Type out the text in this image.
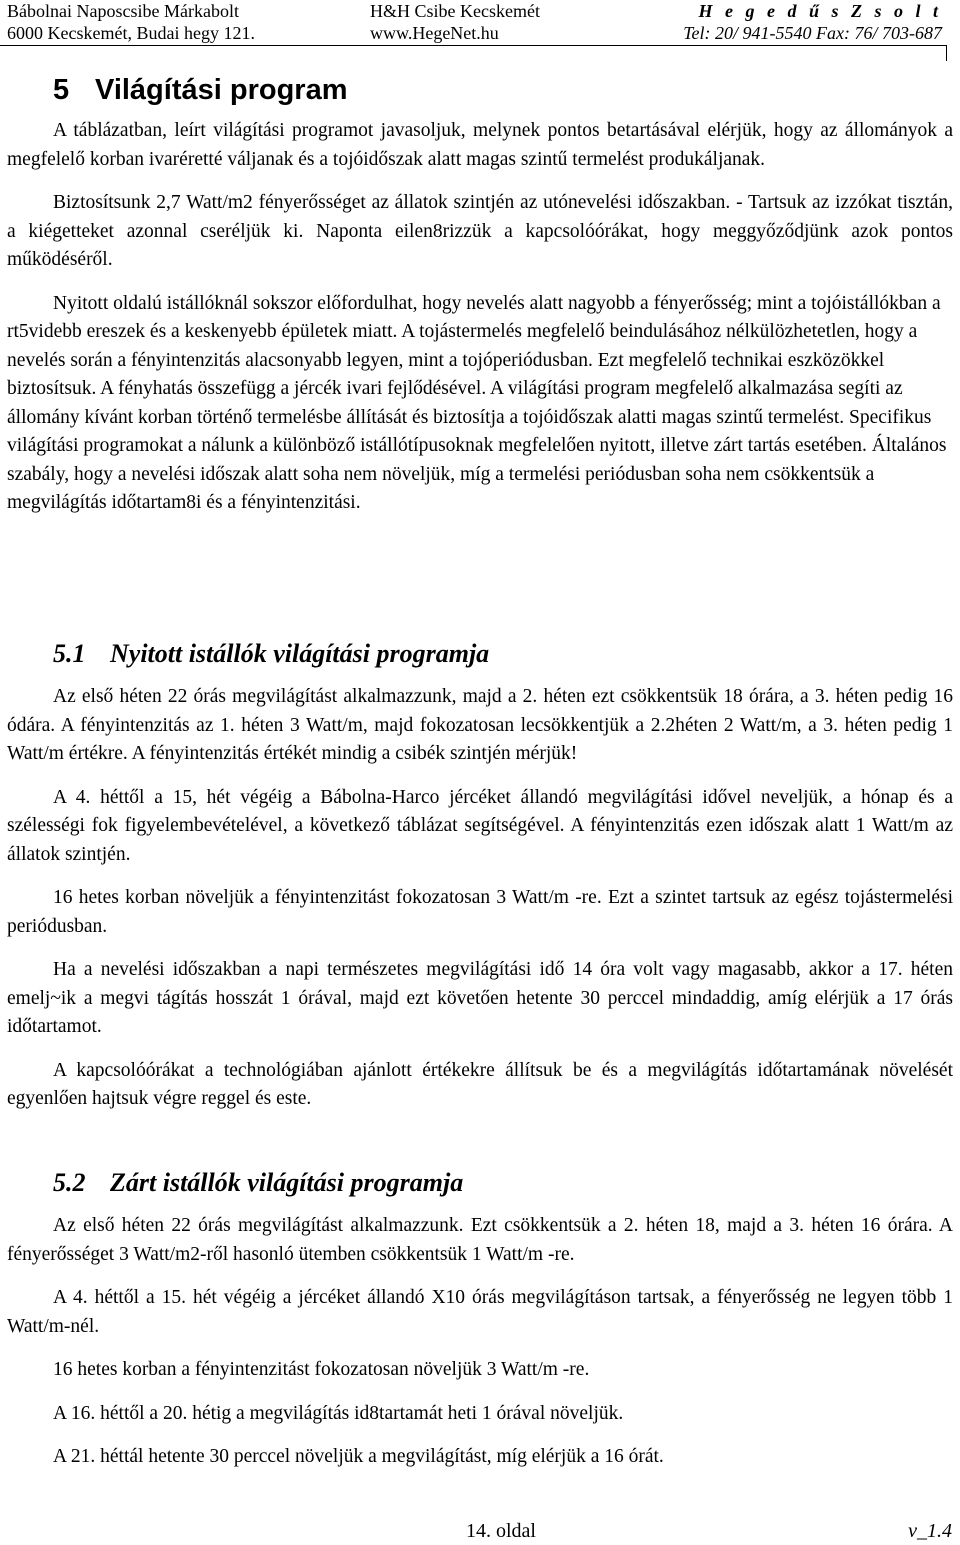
Bábolnai Naposcsibe Márkabolt
6000 Kecskemét, Budai hegy 121.
H&H Csibe Kecskemét
www.HegeNet.hu
H e g e d ű s Z s o l t
Tel: 20/ 941-5540 Fax: 76/ 703-687
5 Világítási program

A táblázatban, leírt világítási programot javasoljuk, melynek pontos betartásával elérjük, hogy az állományok a megfelelő korban ivaréretté váljanak és a tojóidőszak alatt magas szintű termelést produkáljanak.

Biztosítsunk 2,7 Watt/m2 fényerősséget az állatok szintjén az utónevelési időszakban. - Tartsuk az izzókat tisztán, a kiégetteket azonnal cseréljük ki. Naponta eilen8rizzük a kapcsolóórákat, hogy meggyőződjünk azok pontos működéséről.

Nyitott oldalú istállóknál sokszor előfordulhat, hogy nevelés alatt nagyobb a fényerősség; mint a tojóistállókban a rt5videbb ereszek és a keskenyebb épületek miatt. A tojástermelés megfelelő beindulásához nélkülözhetetlen, hogy a nevelés során a fényintenzitás alacsonyabb legyen, mint a tojóperiódusban. Ezt megfelelő technikai eszközökkel biztosítsuk. A fényhatás összefügg a jércék ivari fejlődésével. A világítási program megfelelő alkalmazása segíti az állomány kívánt korban történő termelésbe állítását és biztosítja a tojóidőszak alatti magas szintű termelést. Specifikus világítási programokat a nálunk a különböző istállótípusoknak megfelelően nyitott, illetve zárt tartás esetében. Általános szabály, hogy a nevelési időszak alatt soha nem növeljük, míg a termelési periódusban soha nem csökkentsük a megvilágítás időtartam8i és a fényintenzitási.

5.1 Nyitott istállók világítási programja

Az első héten 22 órás megvilágítást alkalmazzunk, majd a 2. héten ezt csökkentsük 18 órára, a 3. héten pedig 16 ódára. A fényintenzitás az 1. héten 3 Watt/m, majd fokozatosan lecsökkentjük a 2.2héten 2 Watt/m, a 3. héten pedig 1 Watt/m értékre. A fényintenzitás értékét mindig a csibék szintjén mérjük!

A 4. héttől a 15, hét végéig a Bábolna-Harco jércéket állandó megvilágítási idővel neveljük, a hónap és a szélességi fok figyelembevételével, a következő táblázat segítségével. A fényintenzitás ezen időszak alatt 1 Watt/m az állatok szintjén.

16 hetes korban növeljük a fényintenzitást fokozatosan 3 Watt/m -re. Ezt a szintet tartsuk az egész tojástermelési periódusban.

Ha a nevelési időszakban a napi természetes megvilágítási idő 14 óra volt vagy magasabb, akkor a 17. héten emelj~ik a megvi tágítás hosszát 1 órával, majd ezt követően hetente 30 perccel mindaddig, amíg elérjük a 17 órás időtartamot.

A kapcsolóórákat a technológiában ajánlott értékekre állítsuk be és a megvilágítás időtartamának növelését egyenlően hajtsuk végre reggel és este.

5.2 Zárt istállók világítási programja

Az első héten 22 órás megvilágítást alkalmazzunk. Ezt csökkentsük a 2. héten 18, majd a 3. héten 16 órára. A fényerősséget 3 Watt/m2-ről hasonló ütemben csökkentsük 1 Watt/m -re.

A 4. héttől a 15. hét végéig a jércéket állandó X10 órás megvilágításon tartsak, a fényerősség ne legyen több 1 Watt/m-nél.

16 hetes korban a fényintenzitást fokozatosan növeljük 3 Watt/m -re.

A 16. héttől a 20. hétig a megvilágítás id8tartamát heti 1 órával növeljük.

A 21. héttál hetente 30 perccel növeljük a megvilágítást, míg elérjük a 16 órát.

14. oldal	v_1.4
